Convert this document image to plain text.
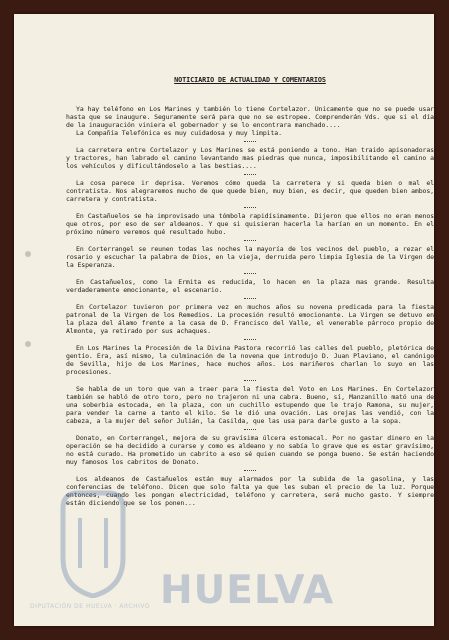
NOTICIARIO DE ACTUALIDAD Y COMENTARIOS

Ya hay teléfono en Los Marines y también lo tiene Cortelazor. Unicamente que no se puede usar hasta que se inaugure. Seguramente será para que no se estropee. Comprenderán Vds. que si el día de la inauguración viniera el gobernador y se lo encontrara manchado....

La Compañía Telefónica es muy cuidadosa y muy limpita.

La carretera entre Cortelazor y Los Marines se está poniendo a tono. Han traido apisonadoras y tractores, han labrado el camino levantando mas piedras que nunca, imposibilitando el camino a los vehículos y dificultándoselo a las bestias....

La cosa parece ir deprisa. Veremos cómo queda la carretera y si queda bien o mal el contratista. Nos alegraremos mucho de que quede bien, muy bien, es decir, que queden bien ambos, carretera y contratista.

En Castañuelos se ha improvisado una tómbola rapidísimamente. Dijeron que ellos no eran menos que otros, por eso de ser aldeanos. Y que si quisieran hacerla la harían en un momento. En el próximo número veremos qué resultado hubo.

En Corterrangel se reunen todas las noches la mayoría de los vecinos del pueblo, a rezar el rosario y escuchar la palabra de Dios, en la vieja, derruida pero limpia Iglesia de la Virgen de la Esperanza.

En Castañuelos, como la Ermita es reducida, lo hacen en la plaza mas grande. Resulta verdaderamente emocionante, el escenario.

En Cortelazor tuvieron por primera vez en muchos años su novena predicada para la fiesta patronal de la Virgen de los Remedios. La procesión resultó emocionante. La Virgen se detuvo en la plaza del álamo frente a la casa de D. Francisco del Valle, el venerable párroco propio de Almonte, ya retirado por sus achaques.

En Los Marines la Procesión de la Divina Pastora recorrió las calles del pueblo, pletórica de gentío. Era, así mismo, la culminación de la novena que introdujo D. Juan Plaviano, el canónigo de Sevilla, hijo de Los Marines, hace muchos años. Los mariñeros charlan lo suyo en las procesiones.

Se habla de un toro que van a traer para la fiesta del Voto en Los Marines. En Cortelazor también se habló de otro toro, pero no trajeron ni una cabra. Bueno, sí, Manzanillo mató una de una soberbia estocada, en la plaza, con un cuchillo estupendo que le trajo Ramona, su mujer, para vender la carne a tanto el kilo. Se le dió una ovación. Las orejas las vendió, con la cabeza, a la mujer del señor Julián, la Casilda, que las usa para darle gusto a la sopa.

Donato, en Corterrangel, mejora de su gravísima úlcera estomacal. Por no gastar dinero en la operación se ha decidido a curarse y como es aldeano y no sabía lo grave que es estar gravísimo, no está curado. Ha prometido un cabrito a eso sé quien cuando se ponga bueno. Se están haciendo muy famosos los cabritos de Donato.

Los aldeanos de Castañuelos están muy alarmados por la subida de la gasolina, y las conferencias de teléfono. Dicen que solo falta ya que les suban el precio de la luz. Porque entonces, cuando les pongan electricidad, teléfono y carretera, será mucho gasto. Y siempre están diciendo que se los ponen...

HUELVA
DIPUTACIÓN DE HUELVA · ARCHIVO
